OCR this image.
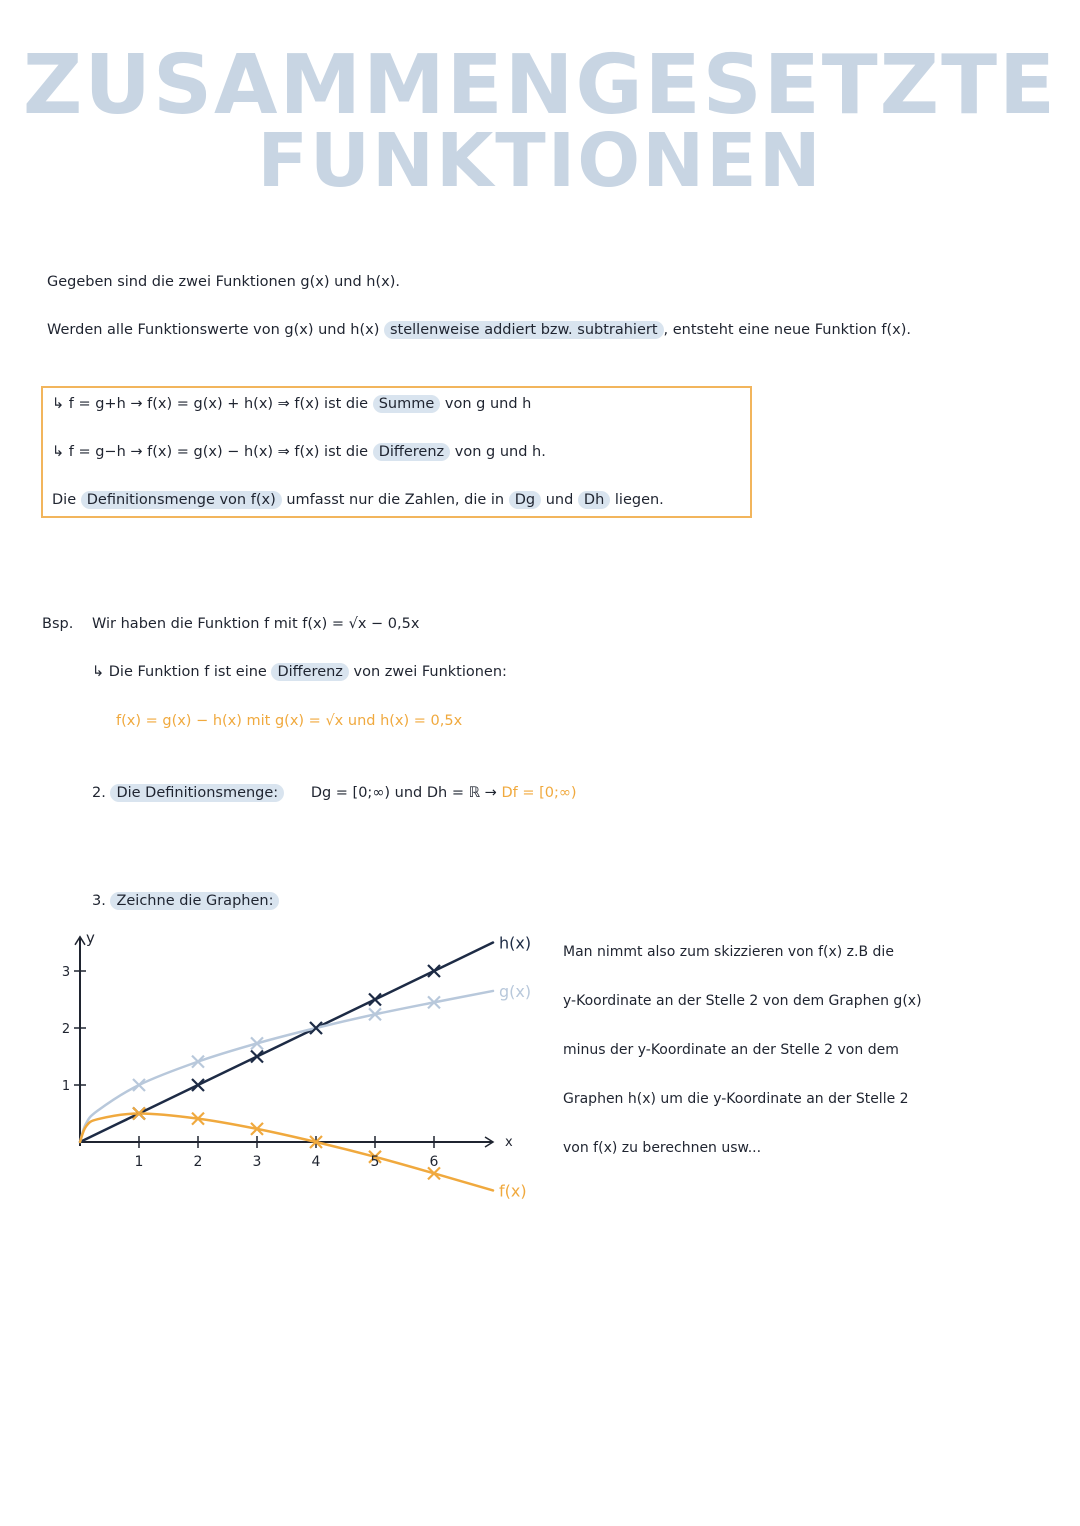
ZUSAMMENGESETZTE
FUNKTIONEN
Gegeben sind die zwei Funktionen g(x) und h(x).
Werden alle Funktionswerte von g(x) und h(x) stellenweise addiert bzw. subtrahiert , entsteht eine neue Funktion f(x).
↳ f = g+h → f(x) = g(x) + h(x) ⇒ f(x) ist die Summe von g und h
↳ f = g−h → f(x) = g(x) − h(x) ⇒ f(x) ist die Differenz von g und h.
Die Definitionsmenge von f(x) umfasst nur die Zahlen, die in Dg und Dh liegen.
Bsp. Wir haben die Funktion f mit f(x) = √x − 0,5x
↳ Die Funktion f ist eine Differenz von zwei Funktionen:
f(x) = g(x) − h(x) mit g(x) = √x und h(x) = 0,5x
2. Die Definitionsmenge: Dg = [0;∞) und Dh = ℝ → Df = [0;∞)
3. Zeichne die Graphen:
1	2	3	4	5	6
1
2
3
x
y	h(x)
g(x)
f(x)
Man nimmt also zum skizzieren von f(x) z.B die
y-Koordinate an der Stelle 2 von dem Graphen g(x)
minus der y-Koordinate an der Stelle 2 von dem
Graphen h(x) um die y-Koordinate an der Stelle 2
von f(x) zu berechnen usw...
